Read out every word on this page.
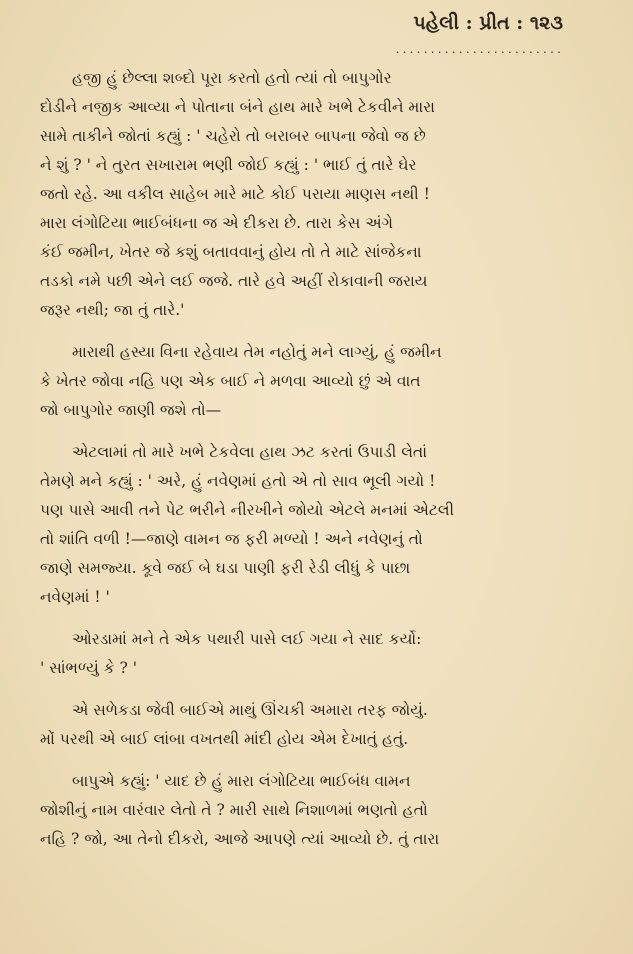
પહેલી : પ્રીત : ૧૨૩
........................

હજી હું છેલ્લા શબ્દો પૂરા કરતો હતો ત્યાં તો બાપુગોર
દોડીને નજીક આવ્યા ને પોતાના બંને હાથ મારે ખભે ટેકવીને મારા
સામે તાકીને જોતાં કહ્યું : ' ચહેરો તો બરાબર બાપના જેવો જ છે
ને શું ? ' ને તુરત સખારામ ભણી જોઈ કહ્યું : ' ભાઈ તું તારે ઘેર
જતો રહે. આ વકીલ સાહેબ મારે માટે કોઈ પરાયા માણસ નથી !
મારા લંગોટિયા ભાઈબંધના જ એ દીકરા છે. તારા કેસ અંગે
કંઈ જમીન, ખેતર જે કશું બતાવવાનું હોય તો તે માટે સાંજેકના
તડકો નમે પછી એને લઈ જજે. તારે હવે અહીં રોકાવાની જરાય
જરૂર નથી; જા તું તારે.'

મારાથી હસ્યા વિના રહેવાય તેમ નહોતું મને લાગ્યું, હું જમીન
કે ખેતર જોવા નહિ પણ એક બાઈ ને મળવા આવ્યો છું એ વાત
જો બાપુગોર જાણી જશે તો—

એટલામાં તો મારે ખભે ટેકવેલા હાથ ઝટ કરતાં ઉપાડી લેતાં
તેમણે મને કહ્યું : ' અરે, હું નવેણમાં હતો એ તો સાવ ભૂલી ગયો !
પણ પાસે આવી તને પેટ ભરીને નીરખીને જોયો એટલે મનમાં એટલી
તો શાંતિ વળી !—જાણે વામન જ ફરી મળ્યો ! અને નવેણનું તો
જાણે સમજ્યા. કૂવે જઈ બે ઘડા પાણી ફરી રેડી લીધું કે પાછા
નવેણમાં ! '

ઓરડામાં મને તે એક પથારી પાસે લઈ ગયા ને સાદ કર્યો:
' સાંભળ્યું કે ? '

એ સળેકડા જેવી બાઈએ માથું ઊંચકી અમારા તરફ જોયું.
મોં પરથી એ બાઈ લાંબા વખતથી માંદી હોય એમ દેખાતું હતું.

બાપુએ કહ્યું: ' યાદ છે હું મારા લંગોટિયા ભાઈબંધ વામન
જોશીનું નામ વારંવાર લેતો તે ? મારી સાથે નિશાળમાં ભણતો હતો
નહિ ? જો, આ તેનો દીકરો, આજે આપણે ત્યાં આવ્યો છે. તું તારા
